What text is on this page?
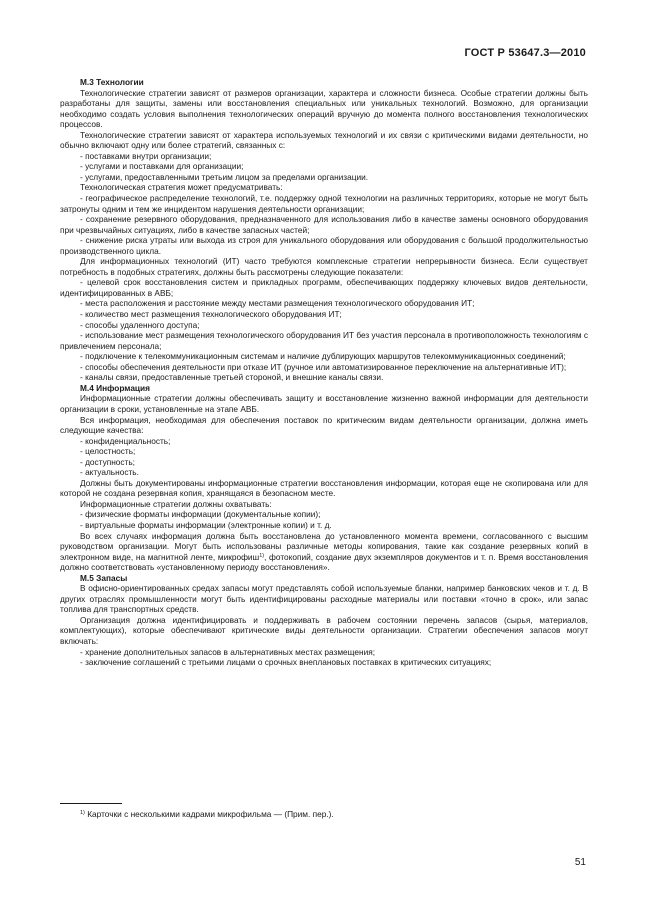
ГОСТ Р 53647.3—2010
М.3 Технологии

Технологические стратегии зависят от размеров организации, характера и сложности бизнеса. Особые стратегии должны быть разработаны для защиты, замены или восстановления специальных или уникальных технологий. Возможно, для организации необходимо создать условия выполнения технологических операций вручную до момента полного восстановления технологических процессов.

Технологические стратегии зависят от характера используемых технологий и их связи с критическими видами деятельности, но обычно включают одну или более стратегий, связанных с:

- поставками внутри организации;

- услугами и поставками для организации;

- услугами, предоставленными третьим лицом за пределами организации.

Технологическая стратегия может предусматривать:

- географическое распределение технологий, т.е. поддержку одной технологии на различных территориях, которые не могут быть затронуты одним и тем же инцидентом нарушения деятельности организации;

- сохранение резервного оборудования, предназначенного для использования либо в качестве замены основного оборудования при чрезвычайных ситуациях, либо в качестве запасных частей;

- снижение риска утраты или выхода из строя для уникального оборудования или оборудования с большой продолжительностью производственного цикла.

Для информационных технологий (ИТ) часто требуются комплексные стратегии непрерывности бизнеса. Если существует потребность в подобных стратегиях, должны быть рассмотрены следующие показатели:

- целевой срок восстановления систем и прикладных программ, обеспечивающих поддержку ключевых видов деятельности, идентифицированных в АВБ;

- места расположения и расстояние между местами размещения технологического оборудования ИТ;

- количество мест размещения технологического оборудования ИТ;

- способы удаленного доступа;

- использование мест размещения технологического оборудования ИТ без участия персонала в противоположность технологиям с привлечением персонала;

- подключение к телекоммуникационным системам и наличие дублирующих маршрутов телекоммуникационных соединений;

- способы обеспечения деятельности при отказе ИТ (ручное или автоматизированное переключение на альтернативные ИТ);

- каналы связи, предоставленные третьей стороной, и внешние каналы связи.

М.4 Информация

Информационные стратегии должны обеспечивать защиту и восстановление жизненно важной информации для деятельности организации в сроки, установленные на этапе АВБ.

Вся информация, необходимая для обеспечения поставок по критическим видам деятельности организации, должна иметь следующие качества:

- конфиденциальность;

- целостность;

- доступность;

- актуальность.

Должны быть документированы информационные стратегии восстановления информации, которая еще не скопирована или для которой не создана резервная копия, хранящаяся в безопасном месте.

Информационные стратегии должны охватывать:

- физические форматы информации (документальные копии);

- виртуальные форматы информации (электронные копии) и т. д.

Во всех случаях информация должна быть восстановлена до установленного момента времени, согласованного с высшим руководством организации. Могут быть использованы различные методы копирования, такие как создание резервных копий в электронном виде, на магнитной ленте, микрофиш$^{1)}$, фотокопий, создание двух экземпляров документов и т. п. Время восстановления должно соответствовать «установленному периоду восстановления».

М.5 Запасы

В офисно-ориентированных средах запасы могут представлять собой используемые бланки, например банковских чеков и т. д. В других отраслях промышленности могут быть идентифицированы расходные материалы или поставки «точно в срок», или запас топлива для транспортных средств.

Организация должна идентифицировать и поддерживать в рабочем состоянии перечень запасов (сырья, материалов, комплектующих), которые обеспечивают критические виды деятельности организации. Стратегии обеспечения запасов могут включать:

- хранение дополнительных запасов в альтернативных местах размещения;

- заключение соглашений с третьими лицами о срочных внеплановых поставках в критических ситуациях;

$^{1)}$ Карточки с несколькими кадрами микрофильма — (Прим. пер.).
51
